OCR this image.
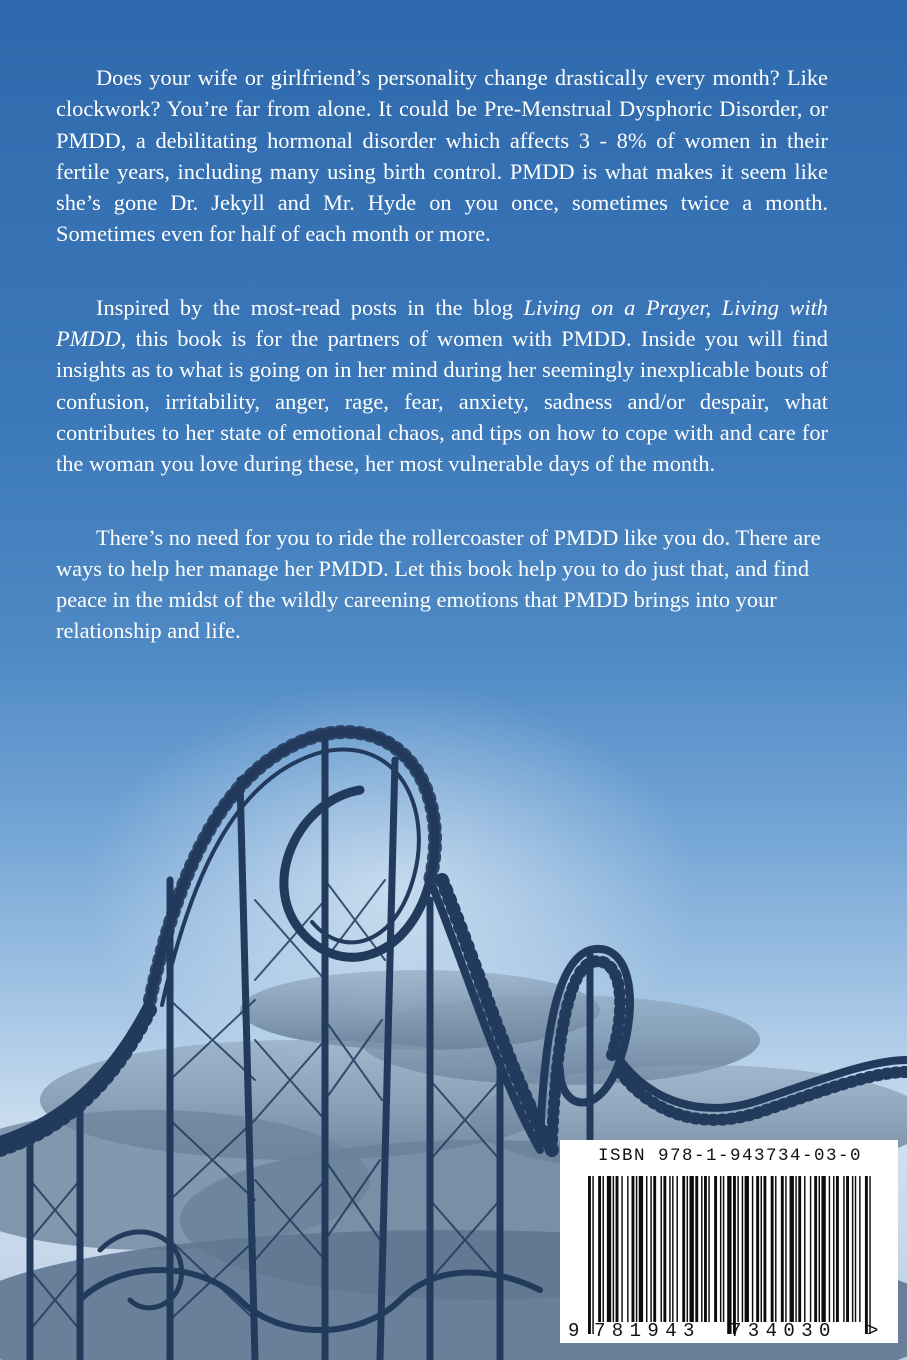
Does your wife or girlfriend’s personality change drastically every month? Like clockwork? You’re far from alone. It could be Pre-Menstrual Dysphoric Disorder, or PMDD, a debilitating hormonal disorder which affects 3 - 8% of women in their fertile years, including many using birth control. PMDD is what makes it seem like she’s gone Dr. Jekyll and Mr. Hyde on you once, sometimes twice a month. Sometimes even for half of each month or more.

Inspired by the most-read posts in the blog Living on a Prayer, Living with PMDD, this book is for the partners of women with PMDD. Inside you will find insights as to what is going on in her mind during her seemingly inexplicable bouts of confusion, irritability, anger, rage, fear, anxiety, sadness and/or despair, what contributes to her state of emotional chaos, and tips on how to cope with and care for the woman you love during these, her most vulnerable days of the month.

There’s no need for you to ride the rollercoaster of PMDD like you do. There are ways to help her manage her PMDD. Let this book help you to do just that, and find peace in the midst of the wildly careening emotions that PMDD brings into your relationship and life.

ISBN 978-1-943734-03-0
9 781943 734030 >
